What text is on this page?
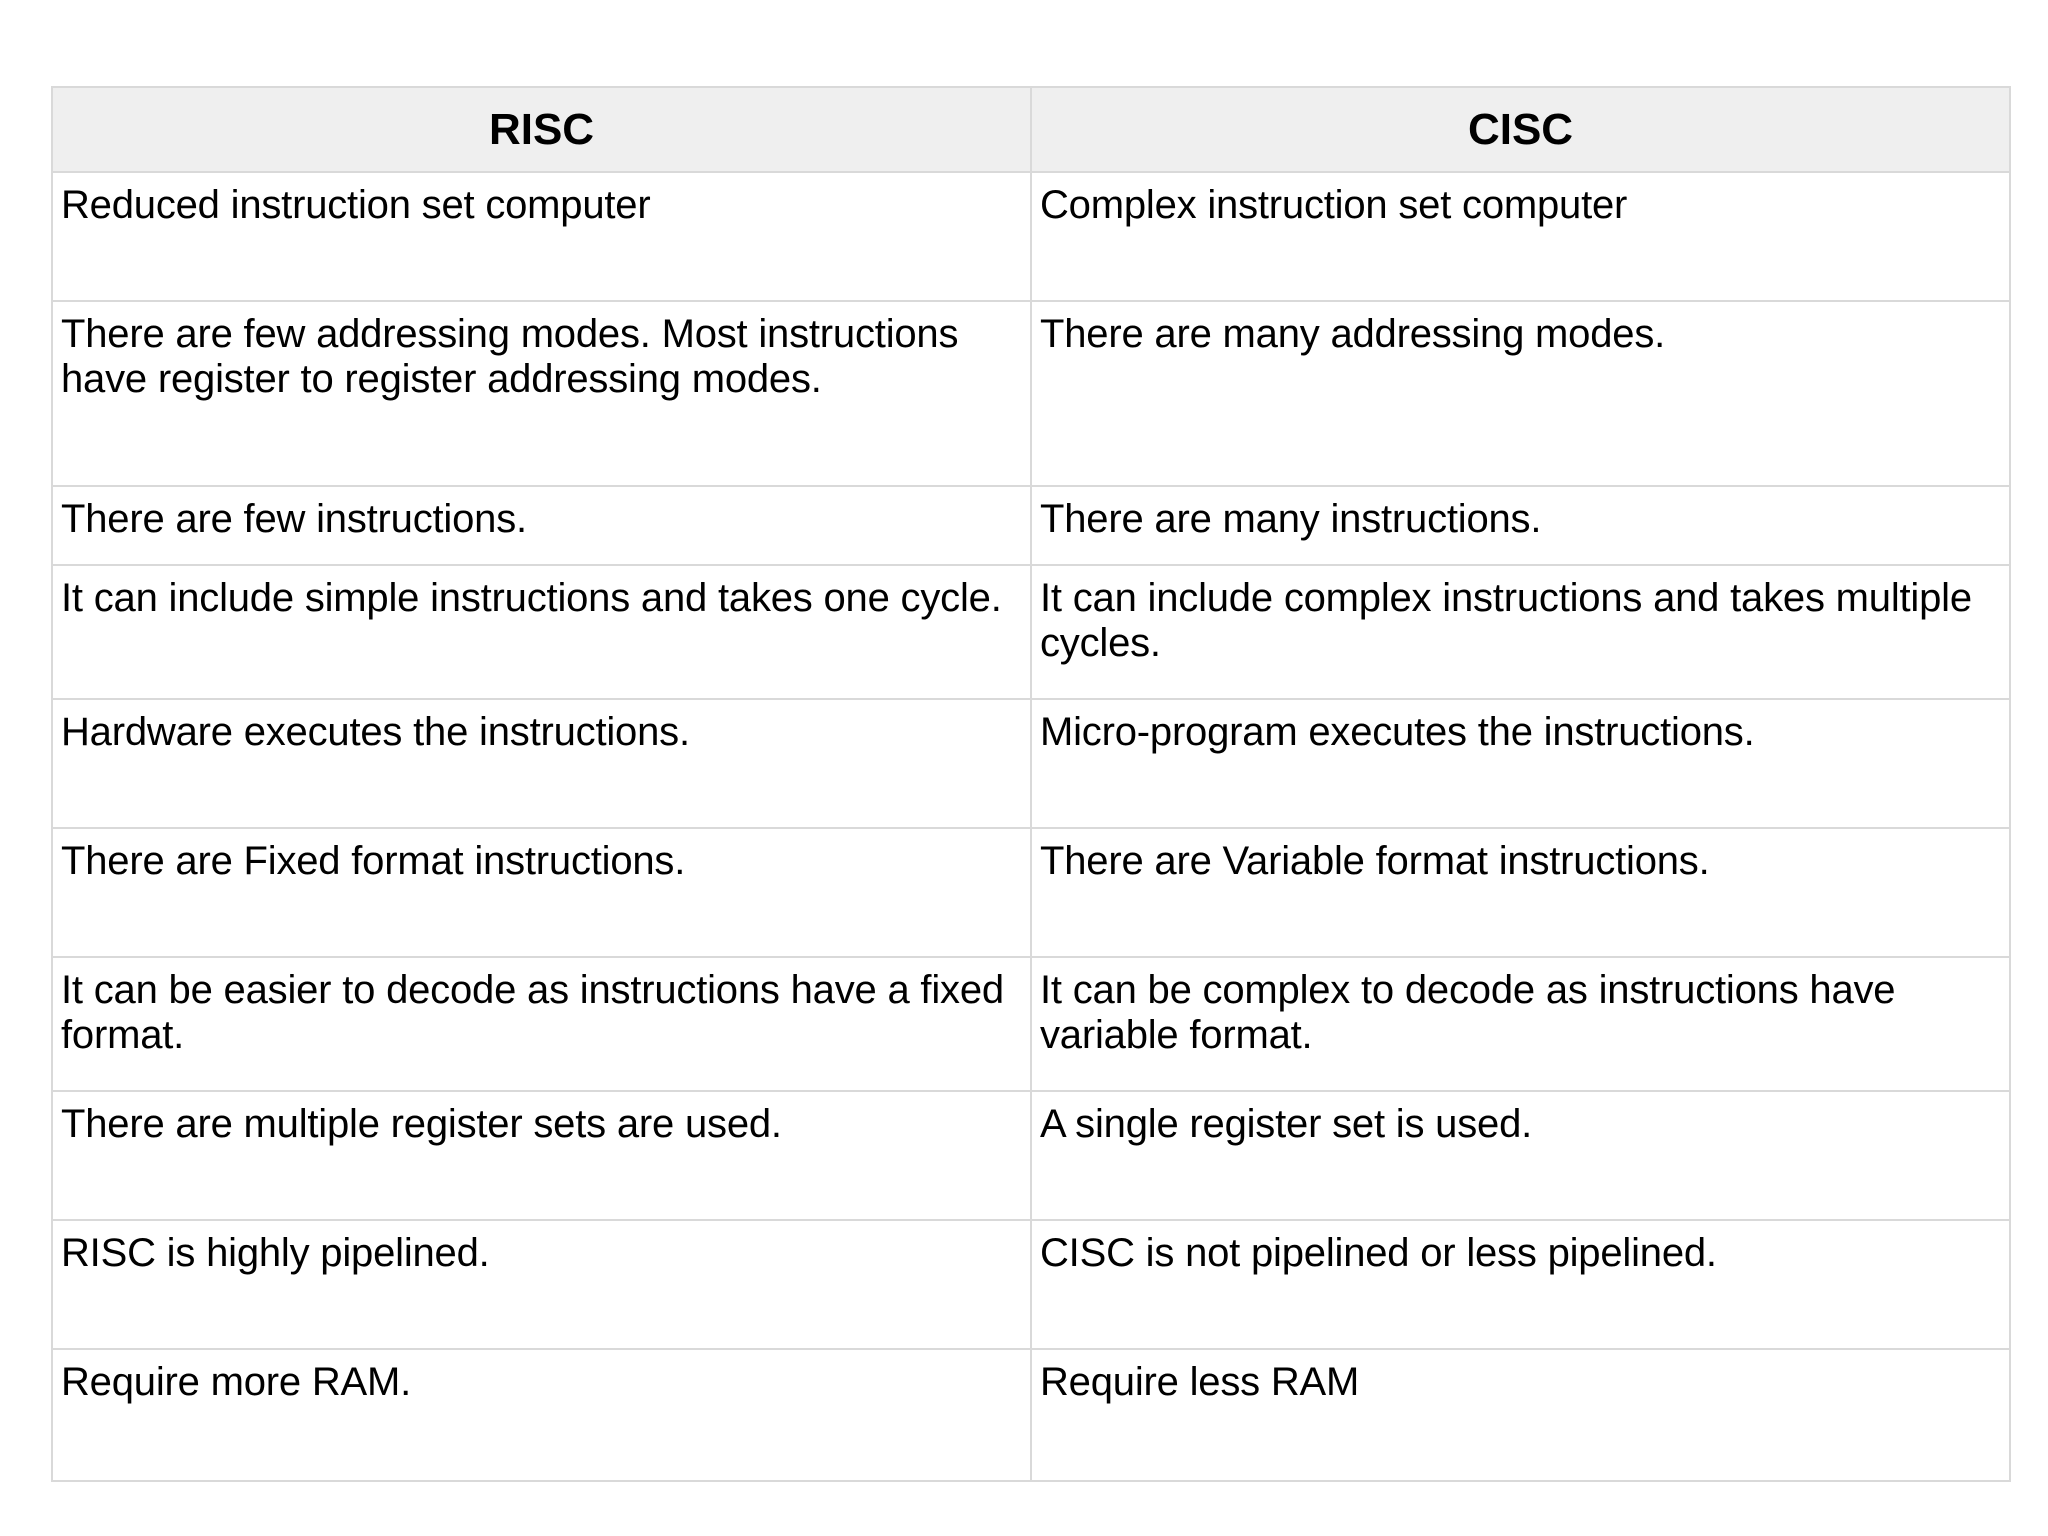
RISC	CISC
Reduced instruction set computer	Complex instruction set computer
There are few addressing modes. Most instructions have register to register addressing modes.	There are many addressing modes.
There are few instructions.	There are many instructions.
It can include simple instructions and takes one cycle.	It can include complex instructions and takes multiple cycles.
Hardware executes the instructions.	Micro-program executes the instructions.
There are Fixed format instructions.	There are Variable format instructions.
It can be easier to decode as instructions have a fixed format.	It can be complex to decode as instructions have variable format.
There are multiple register sets are used.	A single register set is used.
RISC is highly pipelined.	CISC is not pipelined or less pipelined.
Require more RAM.	Require less RAM
